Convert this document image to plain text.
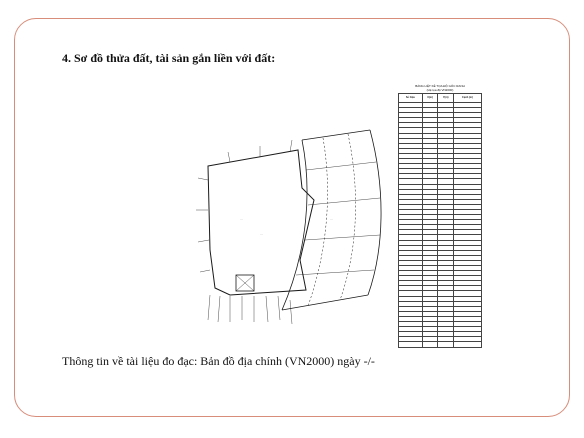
4. Sơ đồ thửa đất, tài sản gắn liền với đất:
···
···
···
BẢNG LIỆT KÊ TỌA ĐỘ GÓC RANH
(Hệ tọa độ VN2000)
Số hiệu	X(m)	Y(m)	Cạnh (m)

Thông tin về tài liệu đo đạc: Bản đồ địa chính (VN2000) ngày -/-
